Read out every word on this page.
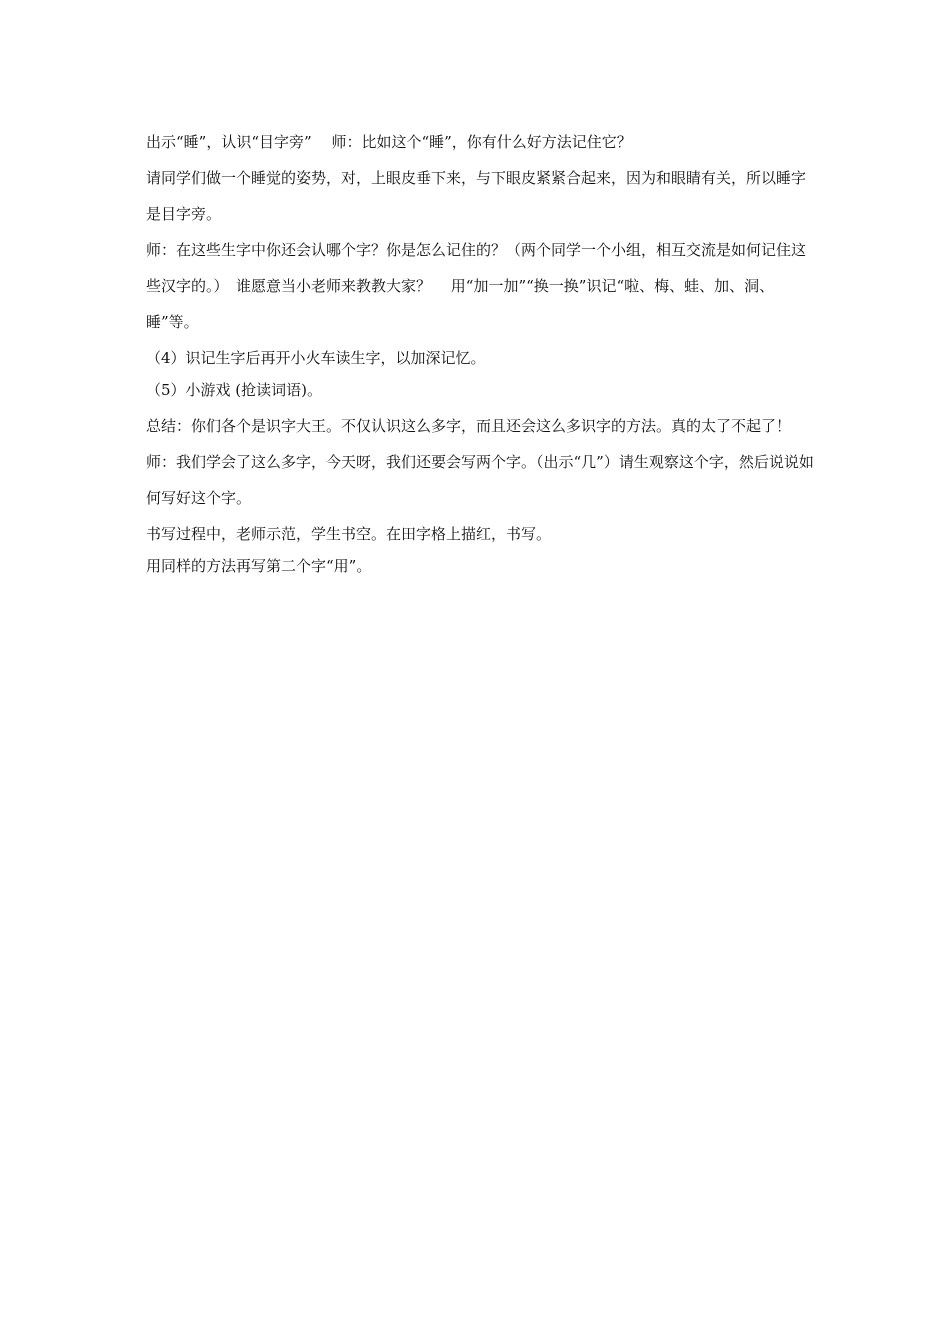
出示“睡”，认识“目字旁”　 师：比如这个“睡”，你有什么好方法记住它？

请同学们做一个睡觉的姿势，对，上眼皮垂下来，与下眼皮紧紧合起来，因为和眼睛有关，所以睡字是目字旁。

师：在这些生字中你还会认哪个字？你是怎么记住的？（两个同学一个小组，相互交流是如何记住这些汉字的。）　谁愿意当小老师来教教大家？　 用“加一加”“换一换”识记“啦、梅、蛙、加、洞、睡”等。

（4）识记生字后再开小火车读生字，以加深记忆。

（5）小游戏 (抢读词语)。

总结：你们各个是识字大王。不仅认识这么多字，而且还会这么多识字的方法。真的太了不起了！

师：我们学会了这么多字，今天呀，我们还要会写两个字。（出示“几”）请生观察这个字，然后说说如何写好这个字。

书写过程中，老师示范，学生书空。在田字格上描红，书写。

用同样的方法再写第二个字“用”。
